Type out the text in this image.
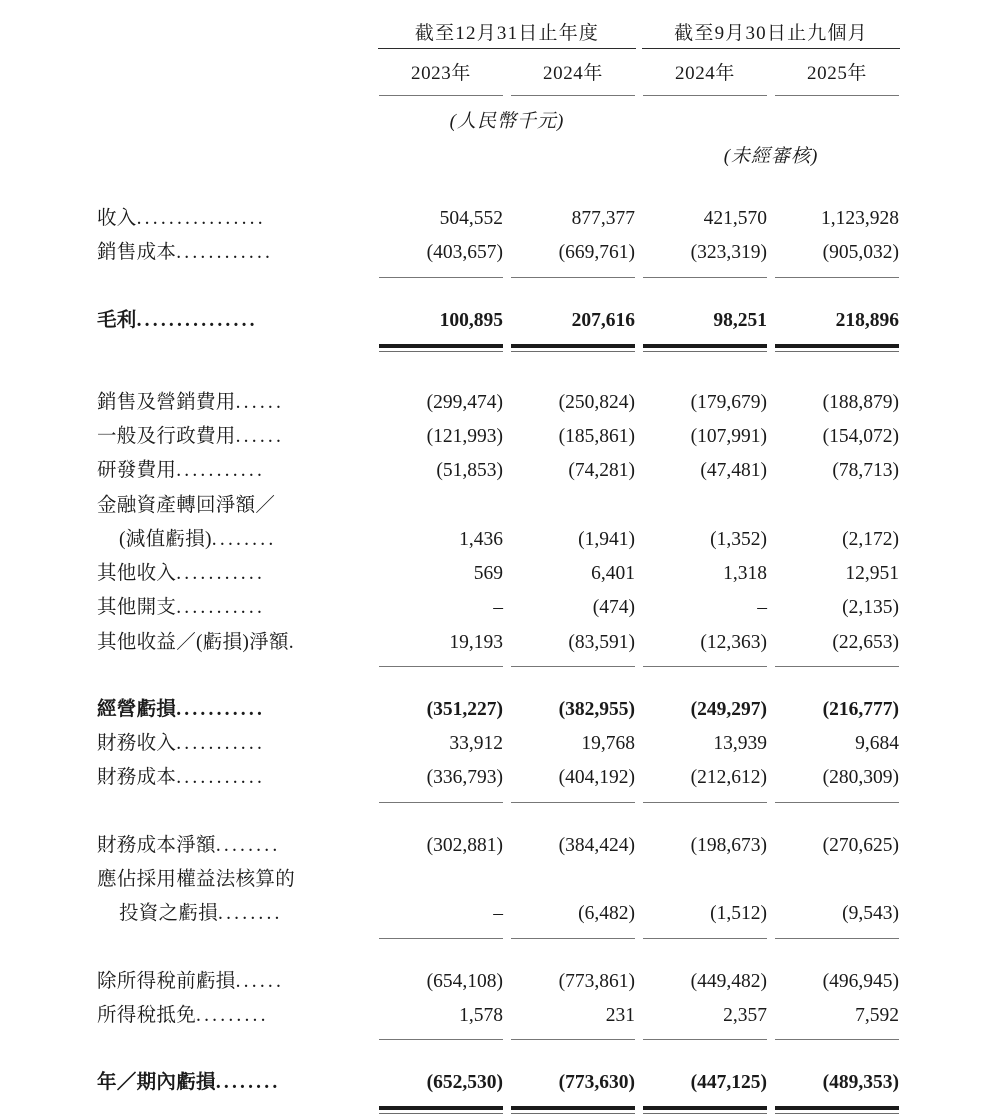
	截至12月31日止年度		截至9月30日止九個月	

	2023年	2024年	2024年	2025年

	(人民幣千元)			
			(未經審核)	

收入................	504,552	877,377	421,570	1,123,928
銷售成本............	(403,657)	(669,761)	(323,319)	(905,032)

毛利...............	100,895	207,616	98,251	218,896

銷售及營銷費用......	(299,474)	(250,824)	(179,679)	(188,879)
一般及行政費用......	(121,993)	(185,861)	(107,991)	(154,072)
研發費用...........	(51,853)	(74,281)	(47,481)	(78,713)
金融資產轉回淨額／				
(減值虧損)........	1,436	(1,941)	(1,352)	(2,172)
其他收入...........	569	6,401	1,318	12,951
其他開支...........	–	(474)	–	(2,135)
其他收益／(虧損)淨額.	19,193	(83,591)	(12,363)	(22,653)

經營虧損...........	(351,227)	(382,955)	(249,297)	(216,777)
財務收入...........	33,912	19,768	13,939	9,684
財務成本...........	(336,793)	(404,192)	(212,612)	(280,309)

財務成本淨額........	(302,881)	(384,424)	(198,673)	(270,625)
應佔採用權益法核算的				
投資之虧損........	–	(6,482)	(1,512)	(9,543)

除所得稅前虧損......	(654,108)	(773,861)	(449,482)	(496,945)
所得稅抵免.........	1,578	231	2,357	7,592

年／期內虧損........	(652,530)	(773,630)	(447,125)	(489,353)
